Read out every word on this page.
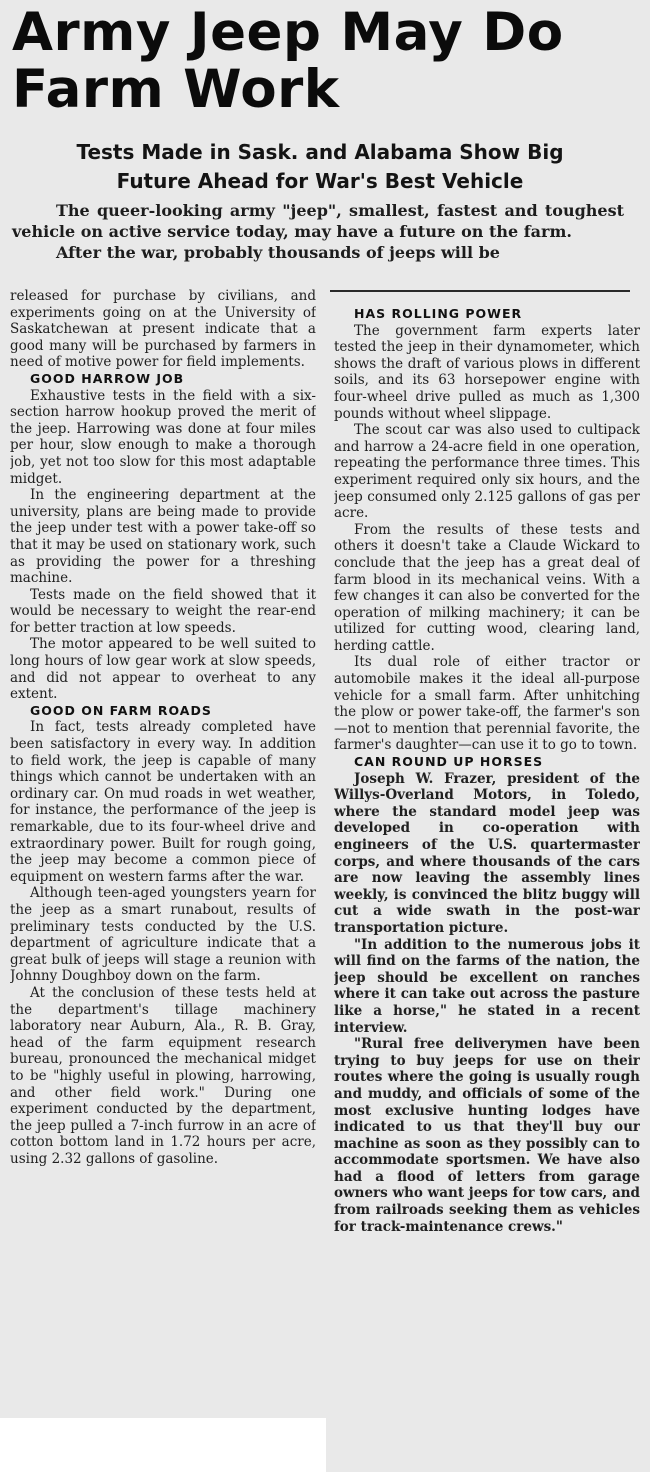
Army Jeep May Do Farm Work
Tests Made in Sask. and Alabama Show Big Future Ahead for War's Best Vehicle

The queer-looking army "jeep", smallest, fastest and toughest vehicle on active service today, may have a future on the farm.

After the war, probably thousands of jeeps will be

released for purchase by civilians, and experiments going on at the University of Saskatchewan at present indicate that a good many will be purchased by farmers in need of motive power for field implements.

GOOD HARROW JOB

Exhaustive tests in the field with a six-section harrow hookup proved the merit of the jeep. Harrowing was done at four miles per hour, slow enough to make a thorough job, yet not too slow for this most adaptable midget.

In the engineering department at the university, plans are being made to provide the jeep under test with a power take-off so that it may be used on stationary work, such as providing the power for a threshing machine.

Tests made on the field showed that it would be necessary to weight the rear-end for better traction at low speeds.

The motor appeared to be well suited to long hours of low gear work at slow speeds, and did not appear to overheat to any extent.

GOOD ON FARM ROADS

In fact, tests already completed have been satisfactory in every way. In addition to field work, the jeep is capable of many things which cannot be undertaken with an ordinary car. On mud roads in wet weather, for instance, the performance of the jeep is remarkable, due to its four-wheel drive and extraordinary power. Built for rough going, the jeep may become a common piece of equipment on western farms after the war.

Although teen-aged youngsters yearn for the jeep as a smart runabout, results of preliminary tests conducted by the U.S. department of agriculture indicate that a great bulk of jeeps will stage a reunion with Johnny Doughboy down on the farm.

At the conclusion of these tests held at the department's tillage machinery laboratory near Auburn, Ala., R. B. Gray, head of the farm equipment research bureau, pronounced the mechanical midget to be "highly useful in plowing, harrowing, and other field work." During one experiment conducted by the department, the jeep pulled a 7-inch furrow in an acre of cotton bottom land in 1.72 hours per acre, using 2.32 gallons of gasoline.

HAS ROLLING POWER

The government farm experts later tested the jeep in their dynamometer, which shows the draft of various plows in different soils, and its 63 horsepower engine with four-wheel drive pulled as much as 1,300 pounds without wheel slippage.

The scout car was also used to cultipack and harrow a 24-acre field in one operation, repeating the performance three times. This experiment required only six hours, and the jeep consumed only 2.125 gallons of gas per acre.

From the results of these tests and others it doesn't take a Claude Wickard to conclude that the jeep has a great deal of farm blood in its mechanical veins. With a few changes it can also be converted for the operation of milking machinery; it can be utilized for cutting wood, clearing land, herding cattle.

Its dual role of either tractor or automobile makes it the ideal all-purpose vehicle for a small farm. After unhitching the plow or power take-off, the farmer's son—not to mention that perennial favorite, the farmer's daughter—can use it to go to town.

CAN ROUND UP HORSES

Joseph W. Frazer, president of the Willys-Overland Motors, in Toledo, where the standard model jeep was developed in co-operation with engineers of the U.S. quartermaster corps, and where thousands of the cars are now leaving the assembly lines weekly, is convinced the blitz buggy will cut a wide swath in the post-war transportation picture.

"In addition to the numerous jobs it will find on the farms of the nation, the jeep should be excellent on ranches where it can take out across the pasture like a horse," he stated in a recent interview.

"Rural free deliverymen have been trying to buy jeeps for use on their routes where the going is usually rough and muddy, and officials of some of the most exclusive hunting lodges have indicated to us that they'll buy our machine as soon as they possibly can to accommodate sportsmen. We have also had a flood of letters from garage owners who want jeeps for tow cars, and from railroads seeking them as vehicles for track-maintenance crews."
